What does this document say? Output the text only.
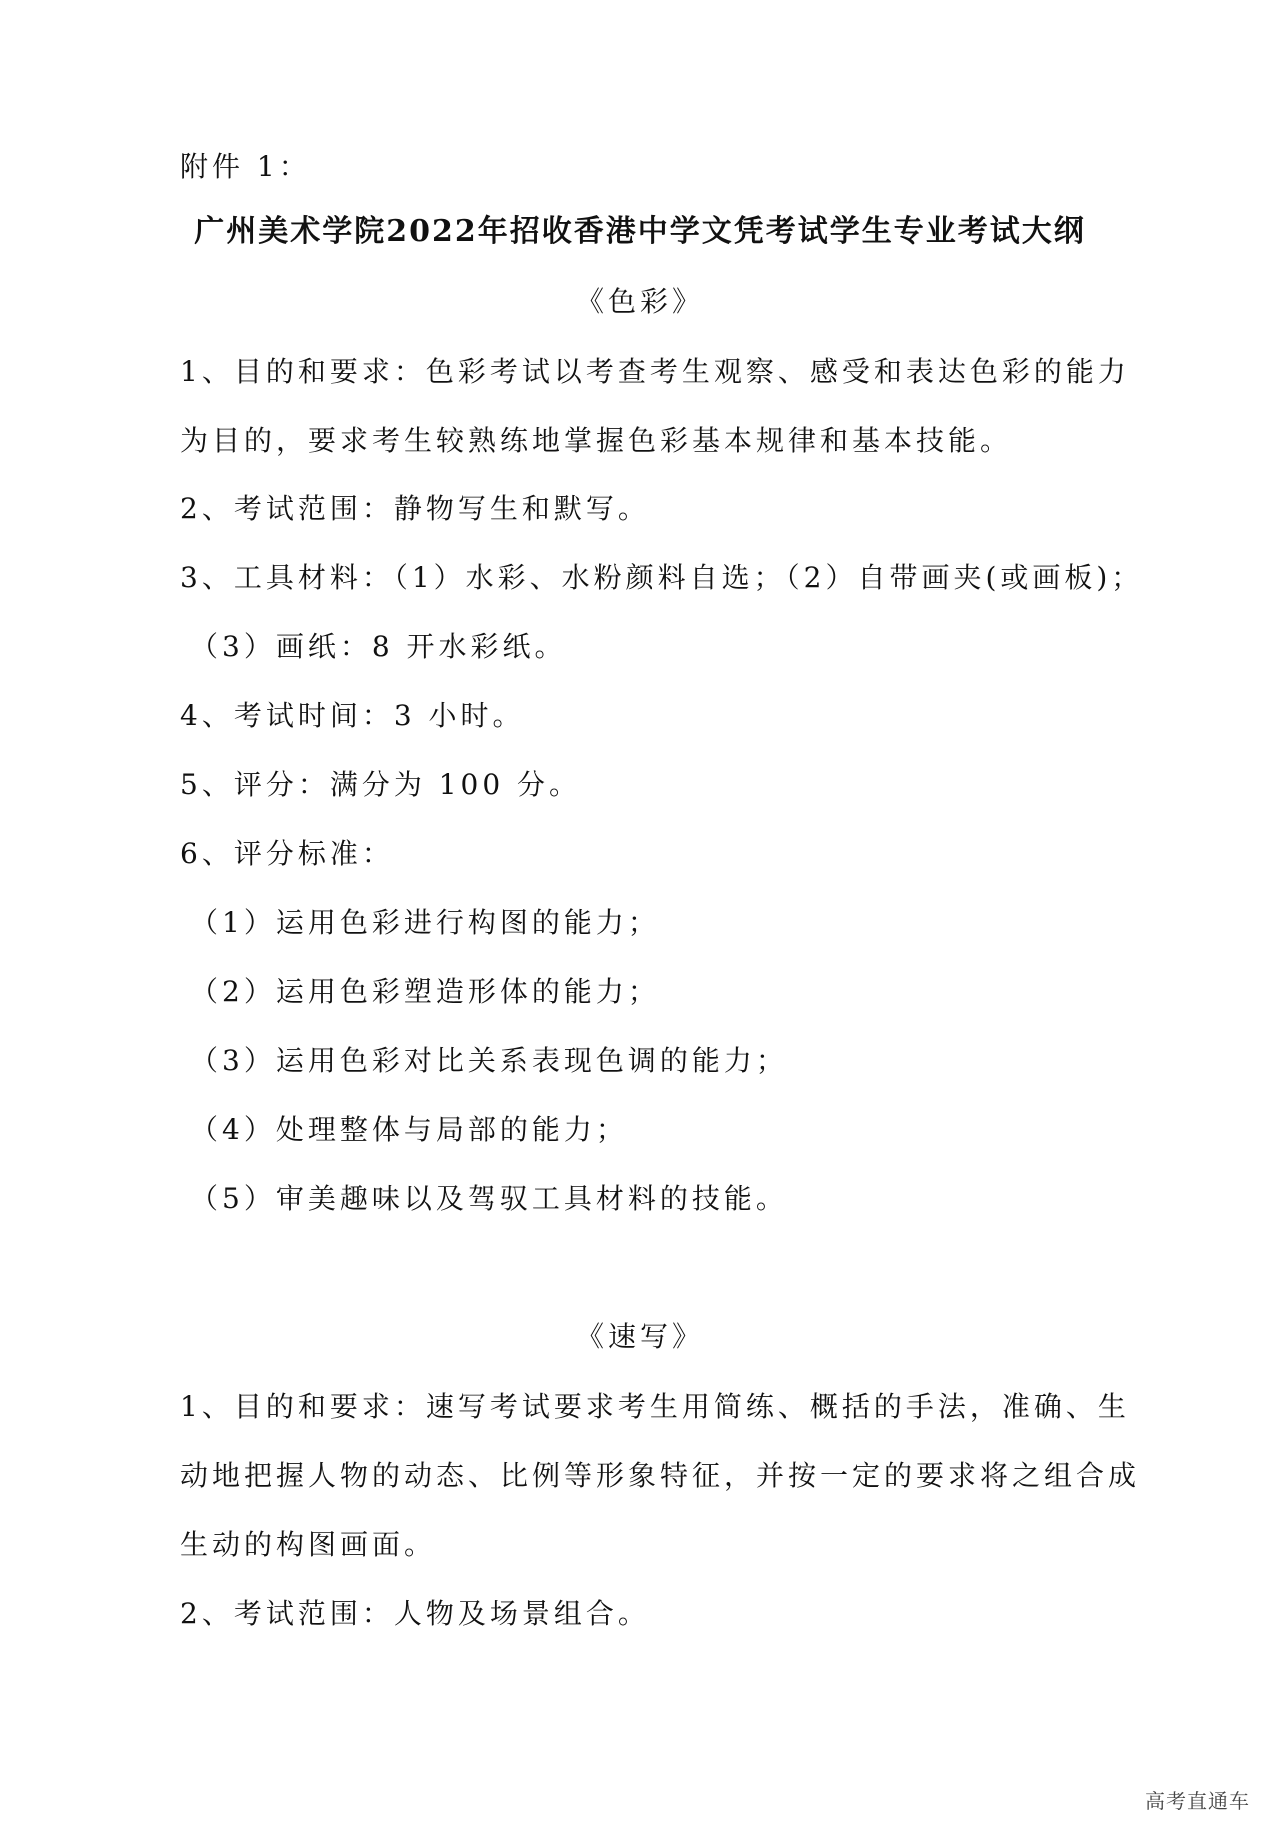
附件 1：
广州美术学院2022年招收香港中学文凭考试学生专业考试大纲
《色彩》
1、目的和要求：色彩考试以考查考生观察、感受和表达色彩的能力
为目的，要求考生较熟练地掌握色彩基本规律和基本技能。
2、考试范围：静物写生和默写。
3、工具材料：（1）水彩、水粉颜料自选；（2）自带画夹(或画板)；
（3）画纸：8 开水彩纸。
4、考试时间：3 小时。
5、评分：满分为 100 分。
6、评分标准：
（1）运用色彩进行构图的能力；
（2）运用色彩塑造形体的能力；
（3）运用色彩对比关系表现色调的能力；
（4）处理整体与局部的能力；
（5）审美趣味以及驾驭工具材料的技能。
《速写》
1、目的和要求：速写考试要求考生用简练、概括的手法，准确、生
动地把握人物的动态、比例等形象特征，并按一定的要求将之组合成
生动的构图画面。
2、考试范围：人物及场景组合。
高考直通车
